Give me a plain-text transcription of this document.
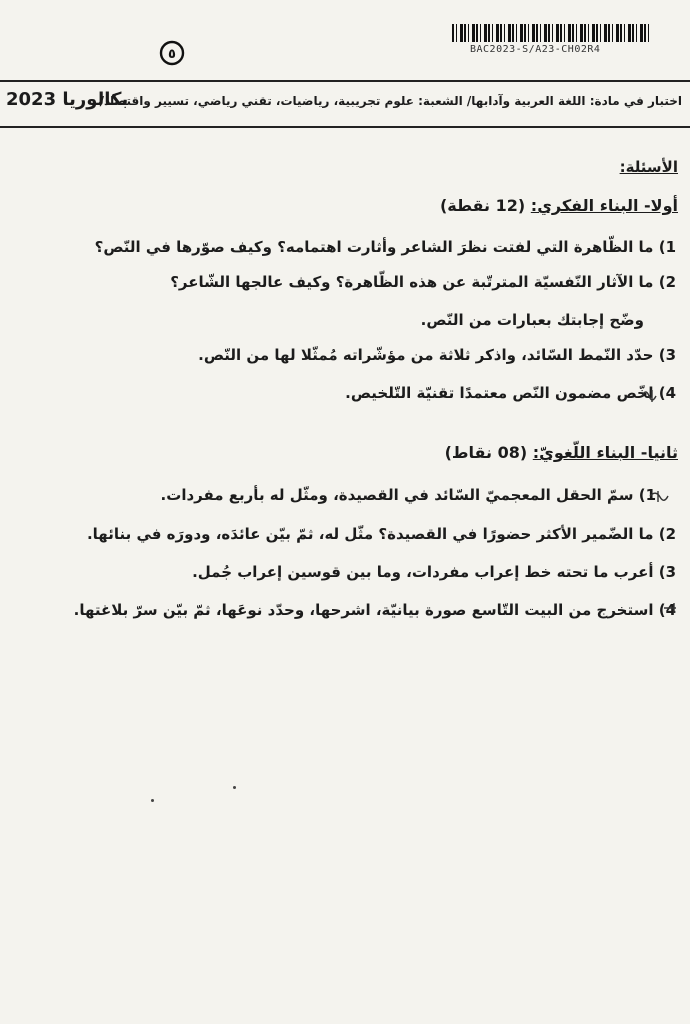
BAC2023-S/A23-CH02R4
٥
بكالوريا 2023
اختبار في مادة: اللغة العربية وآدابها/ الشعبة: علوم تجريبية، رياضيات، تقني رياضي، تسيير واقتصاد/
الأسئلة:
أولا- البناء الفكري: (12 نقطة)
1) ما الظّاهرة التي لفتت نظرَ الشاعر وأثارت اهتمامه؟ وكيف صوّرها في النّص؟
2) ما الآثار النّفسيّة المترتّبة عن هذه الظّاهرة؟ وكيف عالجها الشّاعر؟
وضّح إجابتك بعبارات من النّص.
3) حدّد النّمط السّائد، واذكر ثلاثة من مؤشّراته مُمثّلا لها من النّص.
4) لخّص مضمون النّص معتمدًا تقنيّة التّلخيص.
ثانيا- البناء اللّغويّ: (08 نقاط)
1) سمّ الحقل المعجميّ السّائد في القصيدة، ومثّل له بأربع مفردات.
2) ما الضّمير الأكثر حضورًا في القصيدة؟ مثّل له، ثمّ بيّن عائدَه، ودورَه في بنائها.
3) أعرب ما تحته خط إعراب مفردات، وما بين قوسين إعراب جُمل.
4) استخرج من البيت التّاسع صورة بيانيّة، اشرحها، وحدّد نوعَها، ثمّ بيّن سرّ بلاغتها.
